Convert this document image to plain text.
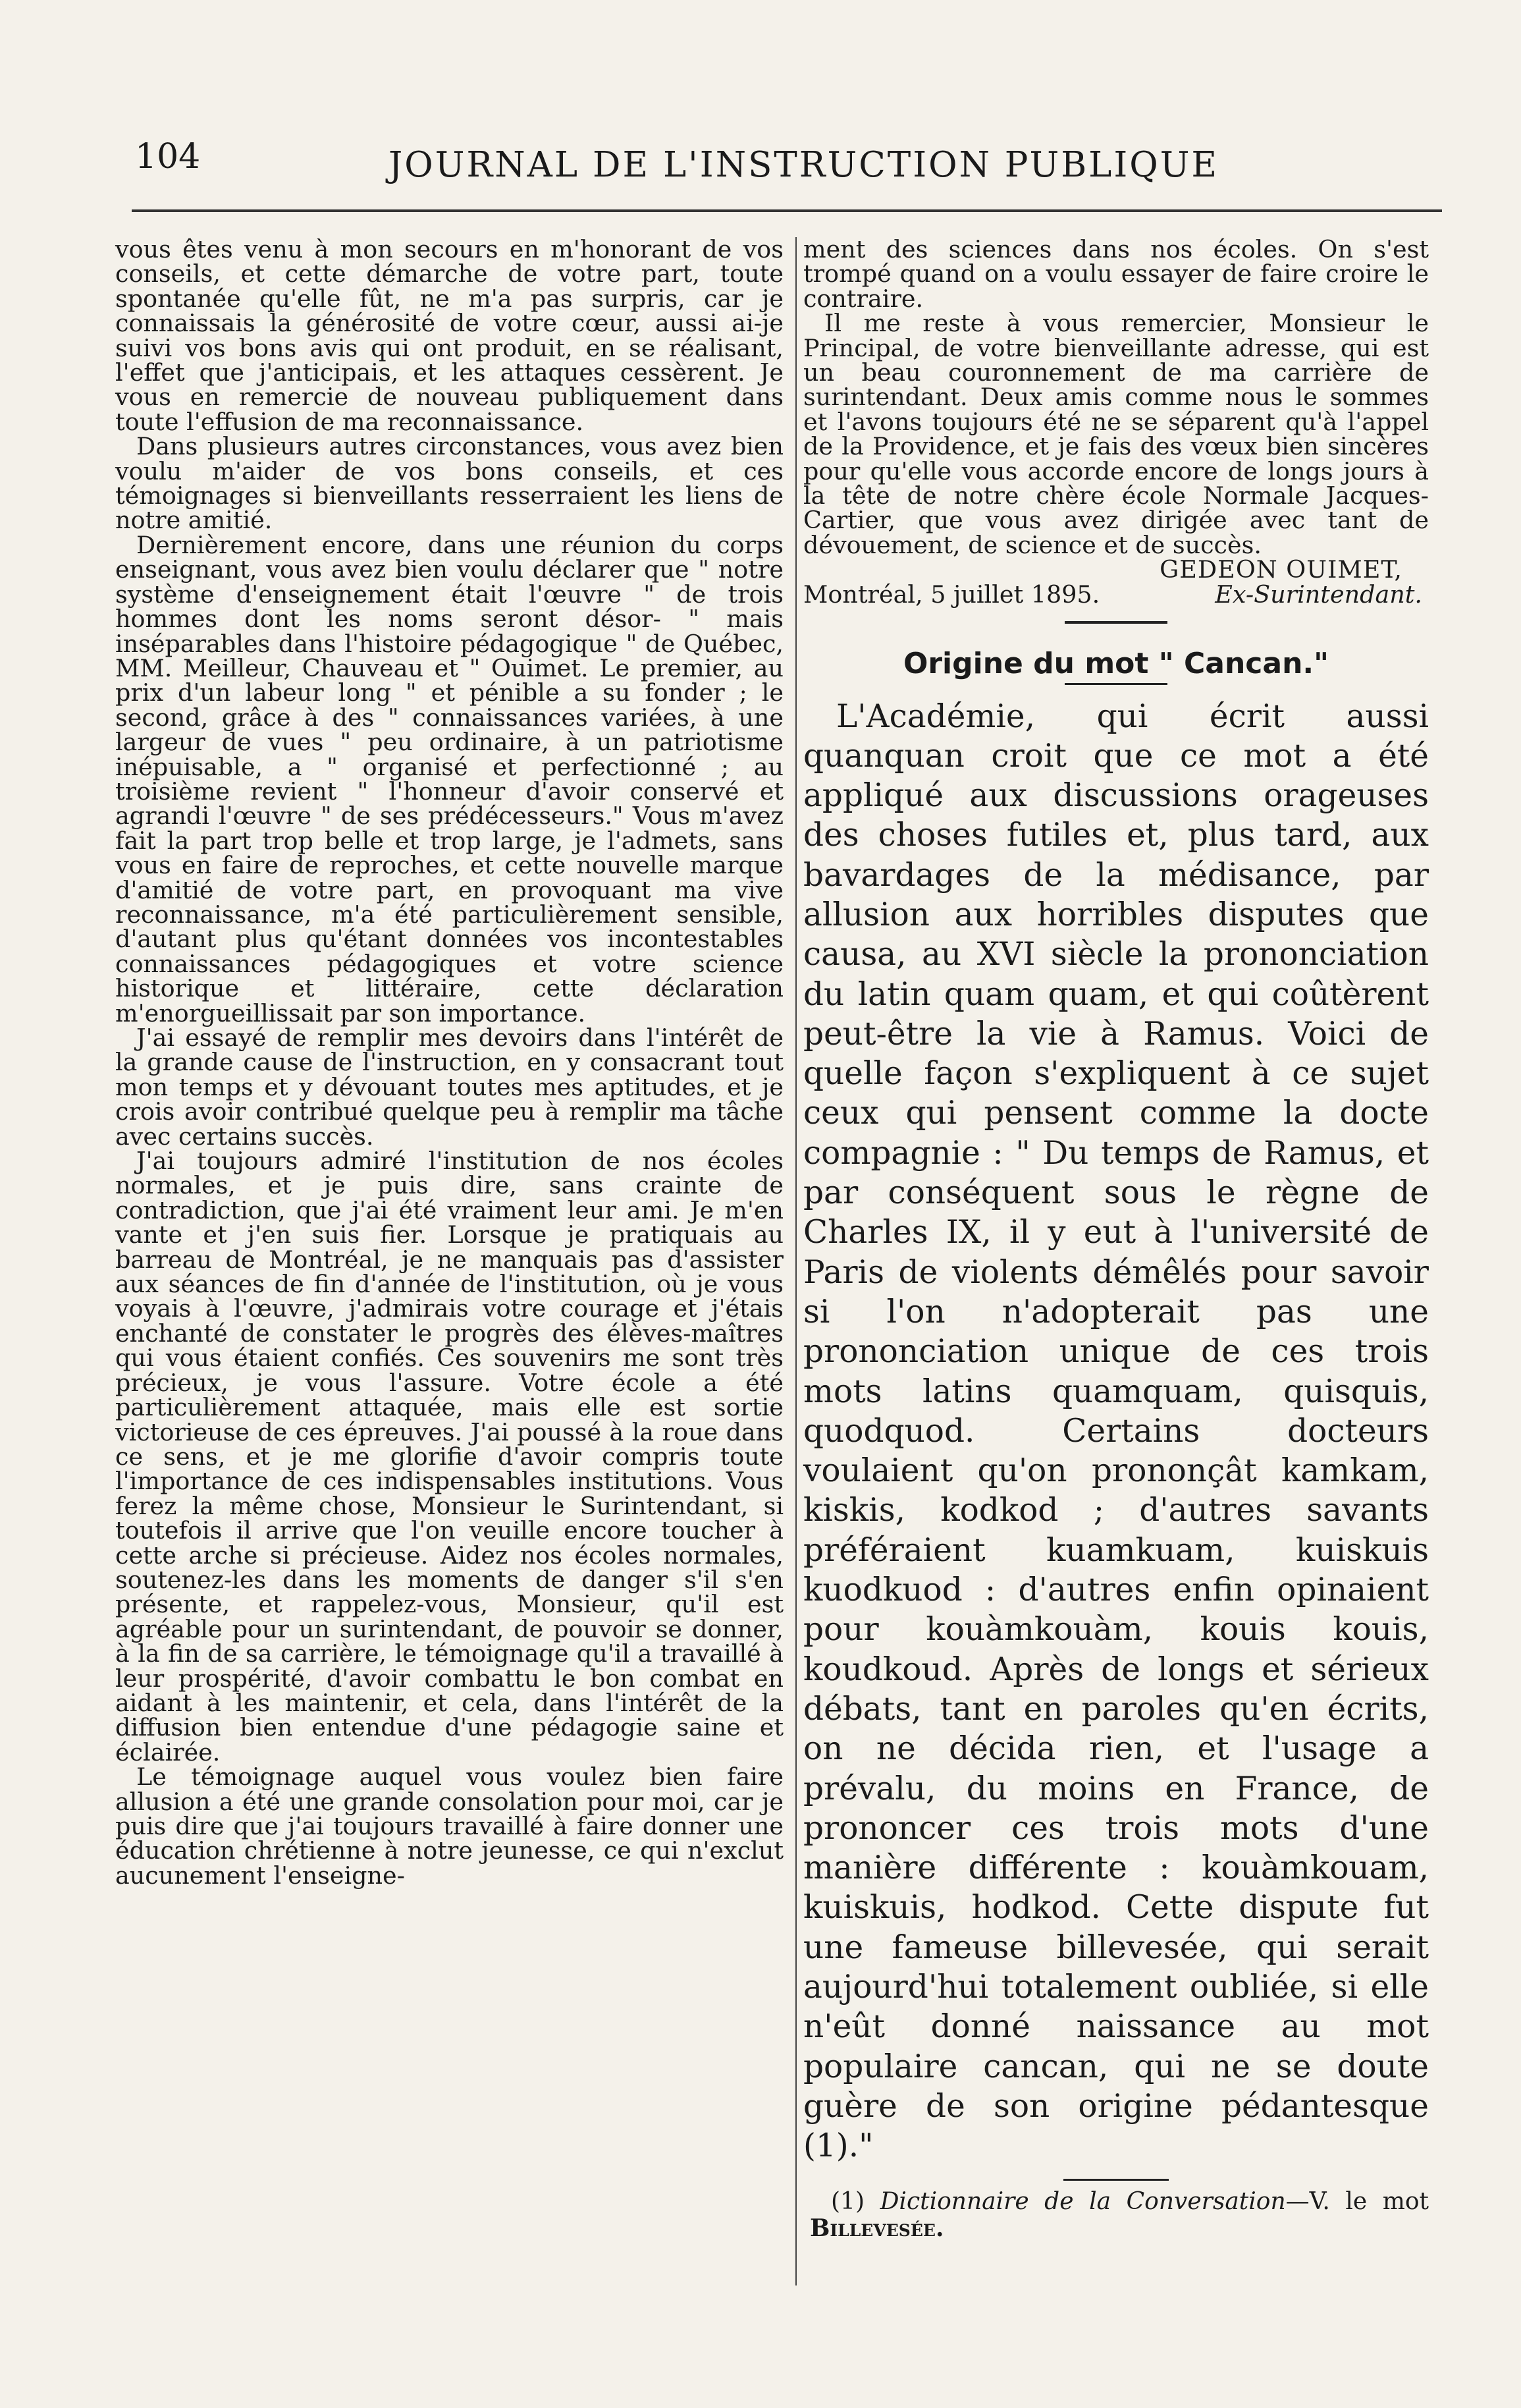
104	JOURNAL DE L'INSTRUCTION PUBLIQUE

vous êtes venu à mon secours en m'honorant de vos conseils, et cette démarche de votre part, toute spontanée qu'elle fût, ne m'a pas surpris, car je connaissais la générosité de votre cœur, aussi ai-je suivi vos bons avis qui ont produit, en se réalisant, l'effet que j'anticipais, et les attaques cessèrent. Je vous en remercie de nouveau publiquement dans toute l'effusion de ma reconnaissance.

Dans plusieurs autres circonstances, vous avez bien voulu m'aider de vos bons conseils, et ces témoignages si bienveillants resserraient les liens de notre amitié.

Dernièrement encore, dans une réunion du corps enseignant, vous avez bien voulu déclarer que " notre système d'enseignement était l'œuvre " de trois hommes dont les noms seront désor- " mais inséparables dans l'histoire pédagogique " de Québec, MM. Meilleur, Chauveau et " Ouimet. Le premier, au prix d'un labeur long " et pénible a su fonder ; le second, grâce à des " connaissances variées, à une largeur de vues " peu ordinaire, à un patriotisme inépuisable, a " organisé et perfectionné ; au troisième revient " l'honneur d'avoir conservé et agrandi l'œuvre " de ses prédécesseurs." Vous m'avez fait la part trop belle et trop large, je l'admets, sans vous en faire de reproches, et cette nouvelle marque d'amitié de votre part, en provoquant ma vive reconnaissance, m'a été particulièrement sensible, d'autant plus qu'étant données vos incontestables connaissances pédagogiques et votre science historique et littéraire, cette déclaration m'enorgueillissait par son importance.

J'ai essayé de remplir mes devoirs dans l'intérêt de la grande cause de l'instruction, en y consacrant tout mon temps et y dévouant toutes mes aptitudes, et je crois avoir contribué quelque peu à remplir ma tâche avec certains succès.

J'ai toujours admiré l'institution de nos écoles normales, et je puis dire, sans crainte de contradiction, que j'ai été vraiment leur ami. Je m'en vante et j'en suis fier. Lorsque je pratiquais au barreau de Montréal, je ne manquais pas d'assister aux séances de fin d'année de l'institution, où je vous voyais à l'œuvre, j'admirais votre courage et j'étais enchanté de constater le progrès des élèves-maîtres qui vous étaient confiés. Ces souvenirs me sont très précieux, je vous l'assure. Votre école a été particulièrement attaquée, mais elle est sortie victorieuse de ces épreuves. J'ai poussé à la roue dans ce sens, et je me glorifie d'avoir compris toute l'importance de ces indispensables institutions. Vous ferez la même chose, Monsieur le Surintendant, si toutefois il arrive que l'on veuille encore toucher à cette arche si précieuse. Aidez nos écoles normales, soutenez-les dans les moments de danger s'il s'en présente, et rappelez-vous, Monsieur, qu'il est agréable pour un surintendant, de pouvoir se donner, à la fin de sa carrière, le témoignage qu'il a travaillé à leur prospérité, d'avoir combattu le bon combat en aidant à les maintenir, et cela, dans l'intérêt de la diffusion bien entendue d'une pédagogie saine et éclairée.

Le témoignage auquel vous voulez bien faire allusion a été une grande consolation pour moi, car je puis dire que j'ai toujours travaillé à faire donner une éducation chrétienne à notre jeunesse, ce qui n'exclut aucunement l'enseigne-

ment des sciences dans nos écoles. On s'est trompé quand on a voulu essayer de faire croire le contraire.

Il me reste à vous remercier, Monsieur le Principal, de votre bienveillante adresse, qui est un beau couronnement de ma carrière de surintendant. Deux amis comme nous le sommes et l'avons toujours été ne se séparent qu'à l'appel de la Providence, et je fais des vœux bien sincères pour qu'elle vous accorde encore de longs jours à la tête de notre chère école Normale Jacques-Cartier, que vous avez dirigée avec tant de dévouement, de science et de succès.

GEDEON OUIMET,

Montréal, 5 juillet 1895.	Ex-Surintendant.
Origine du mot " Cancan."

L'Académie, qui écrit aussi quanquan croit que ce mot a été appliqué aux discussions orageuses des choses futiles et, plus tard, aux bavardages de la médisance, par allusion aux horribles disputes que causa, au XVI siècle la prononciation du latin quam quam, et qui coûtèrent peut-être la vie à Ramus. Voici de quelle façon s'expliquent à ce sujet ceux qui pensent comme la docte compagnie : " Du temps de Ramus, et par conséquent sous le règne de Charles IX, il y eut à l'université de Paris de violents démêlés pour savoir si l'on n'adopterait pas une prononciation unique de ces trois mots latins quamquam, quisquis, quodquod. Certains docteurs voulaient qu'on prononçât kamkam, kiskis, kodkod ; d'autres savants préféraient kuamkuam, kuiskuis kuodkuod : d'autres enfin opinaient pour kouàmkouàm, kouis kouis, koudkoud. Après de longs et sérieux débats, tant en paroles qu'en écrits, on ne décida rien, et l'usage a prévalu, du moins en France, de prononcer ces trois mots d'une manière différente : kouàmkouam, kuiskuis, hodkod. Cette dispute fut une fameuse billevesée, qui serait aujourd'hui totalement oubliée, si elle n'eût donné naissance au mot populaire cancan, qui ne se doute guère de son origine pédantesque (1)."

(1) Dictionnaire de la Conversation—V. le mot Billevesée.
